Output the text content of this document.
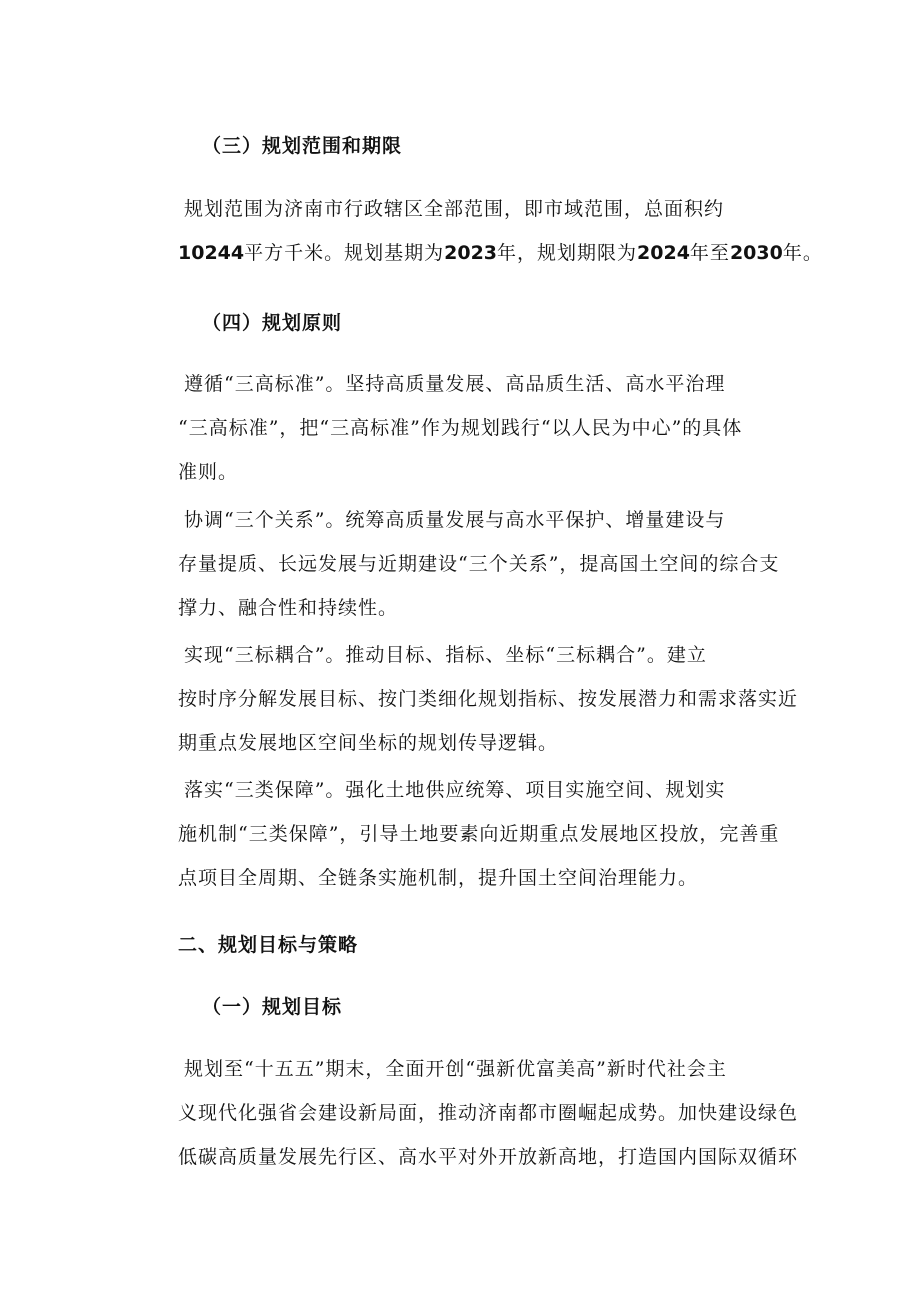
（三）规划范围和期限
规划范围为济南市行政辖区全部范围，即市域范围，总面积约
10244平方千米。规划基期为2023年，规划期限为2024年至2030年。
（四）规划原则
遵循“三高标准”。坚持高质量发展、高品质生活、高水平治理
“三高标准”，把“三高标准”作为规划践行“以人民为中心”的具体
准则。
协调“三个关系”。统筹高质量发展与高水平保护、增量建设与
存量提质、长远发展与近期建设“三个关系”，提高国土空间的综合支
撑力、融合性和持续性。
实现“三标耦合”。推动目标、指标、坐标“三标耦合”。建立
按时序分解发展目标、按门类细化规划指标、按发展潜力和需求落实近
期重点发展地区空间坐标的规划传导逻辑。
落实“三类保障”。强化土地供应统筹、项目实施空间、规划实
施机制“三类保障”，引导土地要素向近期重点发展地区投放，完善重
点项目全周期、全链条实施机制，提升国土空间治理能力。
二、规划目标与策略
（一）规划目标
规划至“十五五”期末，全面开创“强新优富美高”新时代社会主
义现代化强省会建设新局面，推动济南都市圈崛起成势。加快建设绿色
低碳高质量发展先行区、高水平对外开放新高地，打造国内国际双循环
